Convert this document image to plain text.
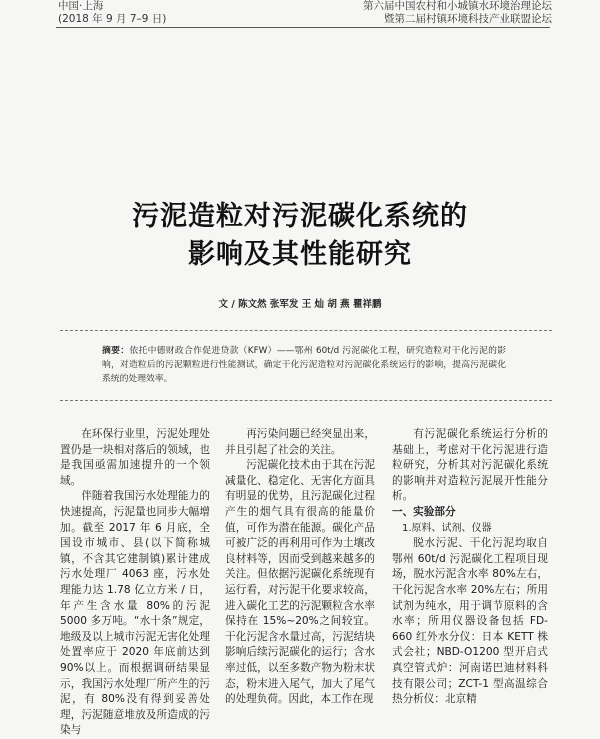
中国·上海
(2018 年 9 月 7–9 日)
第六届中国农村和小城镇水环境治理论坛
暨第二届村镇环境科技产业联盟论坛
污泥造粒对污泥碳化系统的
影响及其性能研究
文 / 陈文然 张军发 王 灿 胡 燕 瞿祥鹏
摘要：依托中德财政合作促进贷款（KFW）——鄂州 60t/d 污泥碳化工程，研究造粒对干化污泥的影响，对造粒后的污泥颗粒进行性能测试，确定干化污泥造粒对污泥碳化系统运行的影响，提高污泥碳化系统的处理效率。

在环保行业里，污泥处理处置仍是一块相对落后的领域，也是我国亟需加速提升的一个领域。

伴随着我国污水处理能力的快速提高，污泥量也同步大幅增加。截至 2017 年 6 月底，全国设市城市、县(以下简称城镇，不含其它建制镇)累计建成污水处理厂 4063 座，污水处理能力达 1.78 亿立方米 / 日，年产生含水量 80%的污泥 5000 多万吨。“水十条”规定，地级及以上城市污泥无害化处理处置率应于 2020 年底前达到 90%以上。而根据调研结果显示，我国污水处理厂所产生的污泥，有 80%没有得到妥善处理，污泥随意堆放及所造成的污染与

再污染问题已经突显出来，并且引起了社会的关注。

污泥碳化技术由于其在污泥减量化、稳定化、无害化方面具有明显的优势，且污泥碳化过程产生的烟气具有很高的能量价值，可作为潜在能源。碳化产品可被广泛的再利用可作为土壤改良材料等，因而受到越来越多的关注。但依据污泥碳化系统现有运行看，对污泥干化要求较高，进入碳化工艺的污泥颗粒含水率保持在 15%~20%之间较宜。干化污泥含水量过高，污泥结块影响后续污泥碳化的运行；含水率过低，以至多数产物为粉末状态，粉末进入尾气，加大了尾气的处理负荷。因此，本工作在现

有污泥碳化系统运行分析的基础上，考虑对干化污泥进行造粒研究，分析其对污泥碳化系统的影响并对造粒污泥展开性能分析。

一、实验部分

1.原料、试剂、仪器

脱水污泥、干化污泥均取自鄂州 60t/d 污泥碳化工程项目现场，脱水污泥含水率 80%左右，干化污泥含水率 20%左右；所用试剂为纯水，用于调节原料的含水率；所用仪器设备包括 FD-660 红外水分仪：日本 KETT 株式会社；NBD-O1200 型开启式真空管式炉：河南诺巴迪材料科技有限公司；ZCT-1 型高温综合热分析仪：北京精
